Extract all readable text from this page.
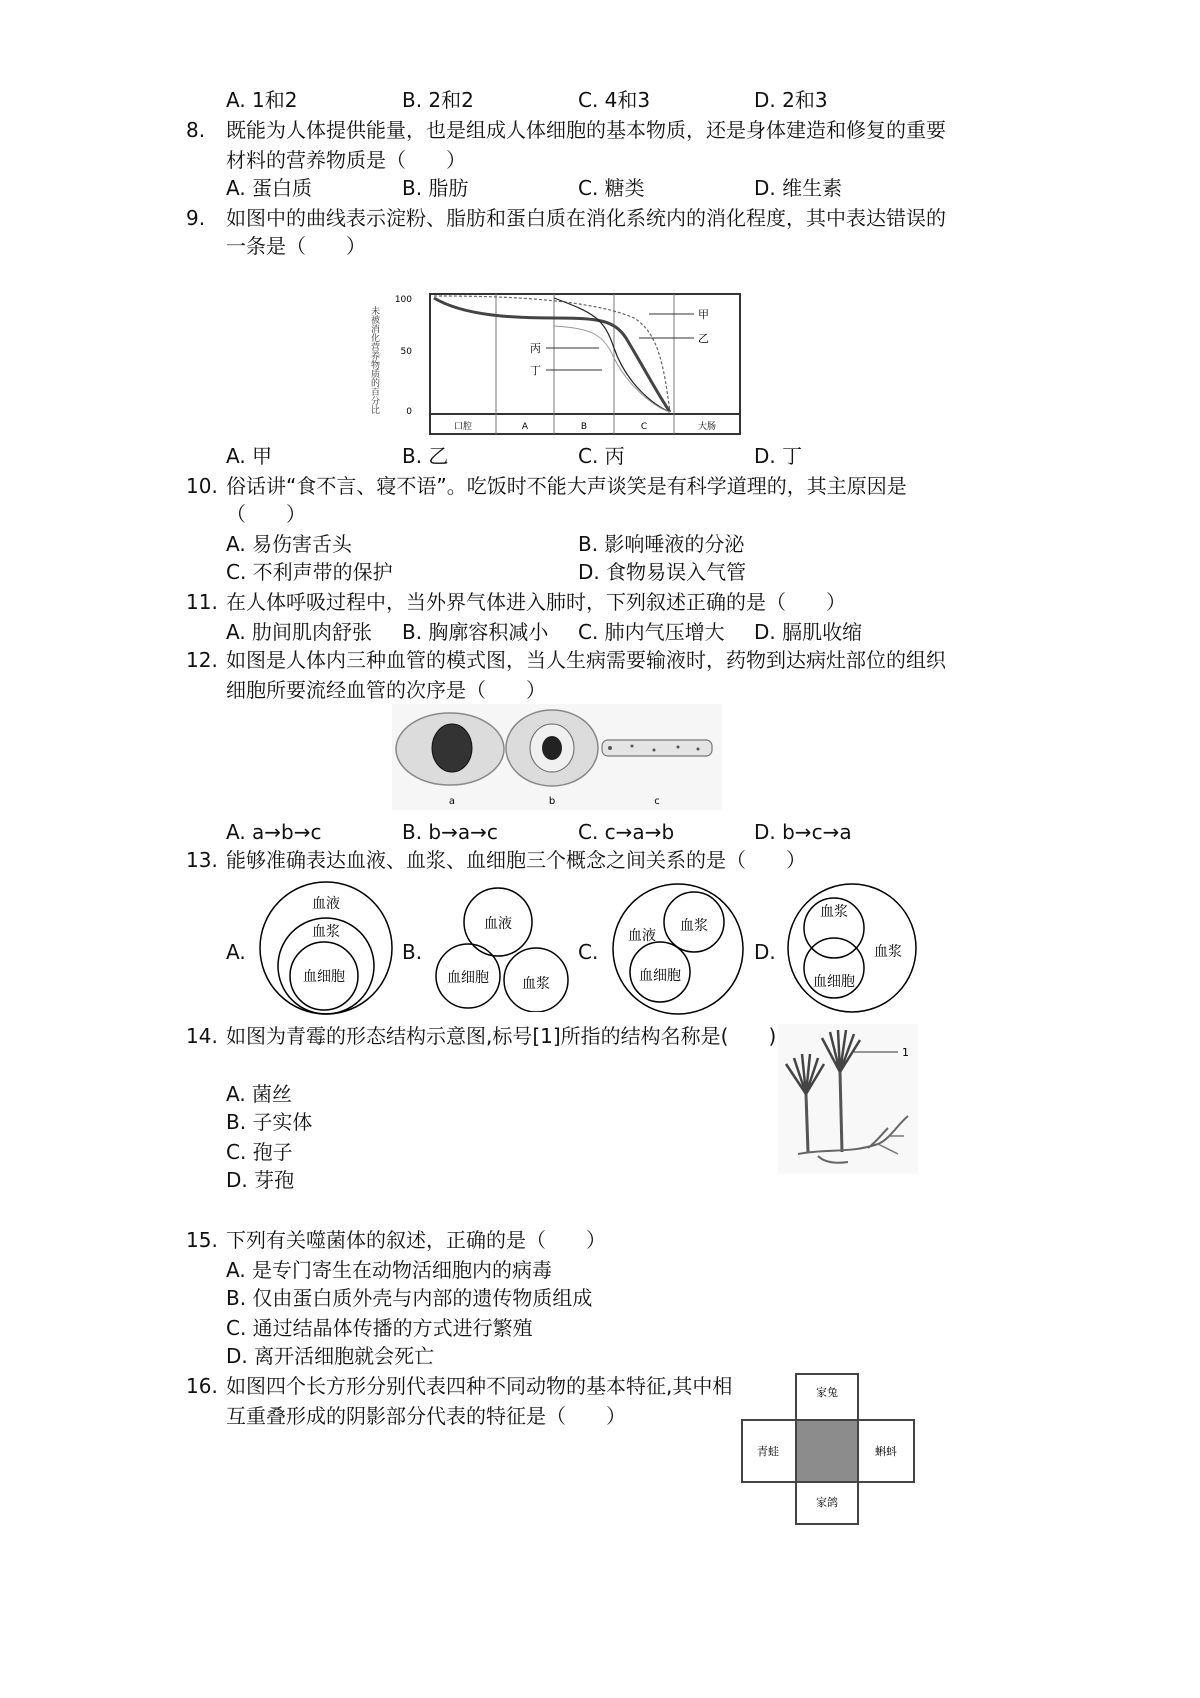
A. 1和2	B. 2和2	C. 4和3	D. 2和3
8. 既能为人体提供能量，也是组成人体细胞的基本物质，还是身体建造和修复的重要
材料的营养物质是（　　）
A. 蛋白质	B. 脂肪	C. 糖类	D. 维生素
9. 如图中的曲线表示淀粉、脂肪和蛋白质在消化系统内的消化程度，其中表达错误的
一条是（　　）
未被消化营养物质的百分比
100
50
0
甲
乙
丙
丁
口腔	A	B	C	大肠
A. 甲	B. 乙	C. 丙	D. 丁
10. 俗话讲“食不言、寝不语”。吃饭时不能大声谈笑是有科学道理的，其主原因是
（　　）
A. 易伤害舌头	B. 影响唾液的分泌
C. 不利声带的保护	D. 食物易误入气管
11. 在人体呼吸过程中，当外界气体进入肺时，下列叙述正确的是（　　）
A. 肋间肌肉舒张 B. 胸廓容积减小 C. 肺内气压增大 D. 膈肌收缩
12. 如图是人体内三种血管的模式图，当人生病需要输液时，药物到达病灶部位的组织
细胞所要流经血管的次序是（　　）
a	b	c
A. a→b→c	B. b→a→c	C. c→a→b	D. b→c→a
13. 能够准确表达血液、血浆、血细胞三个概念之间关系的是（　　）
A.
血液
血浆
血细胞
B.
血液
血细胞 血浆
C.
血液
血浆
血细胞
D.
血浆
血浆
血细胞
14. 如图为青霉的形态结构示意图,标号[1]所指的结构名称是(　　)
A. 菌丝
B. 子实体
C. 孢子
D. 芽孢
1
15. 下列有关噬菌体的叙述，正确的是（　　）
A. 是专门寄生在动物活细胞内的病毒
B. 仅由蛋白质外壳与内部的遗传物质组成
C. 通过结晶体传播的方式进行繁殖
D. 离开活细胞就会死亡
16. 如图四个长方形分别代表四种不同动物的基本特征,其中相
互重叠形成的阴影部分代表的特征是（　　）
家兔
青蛙	蝌蚪
家鸽
